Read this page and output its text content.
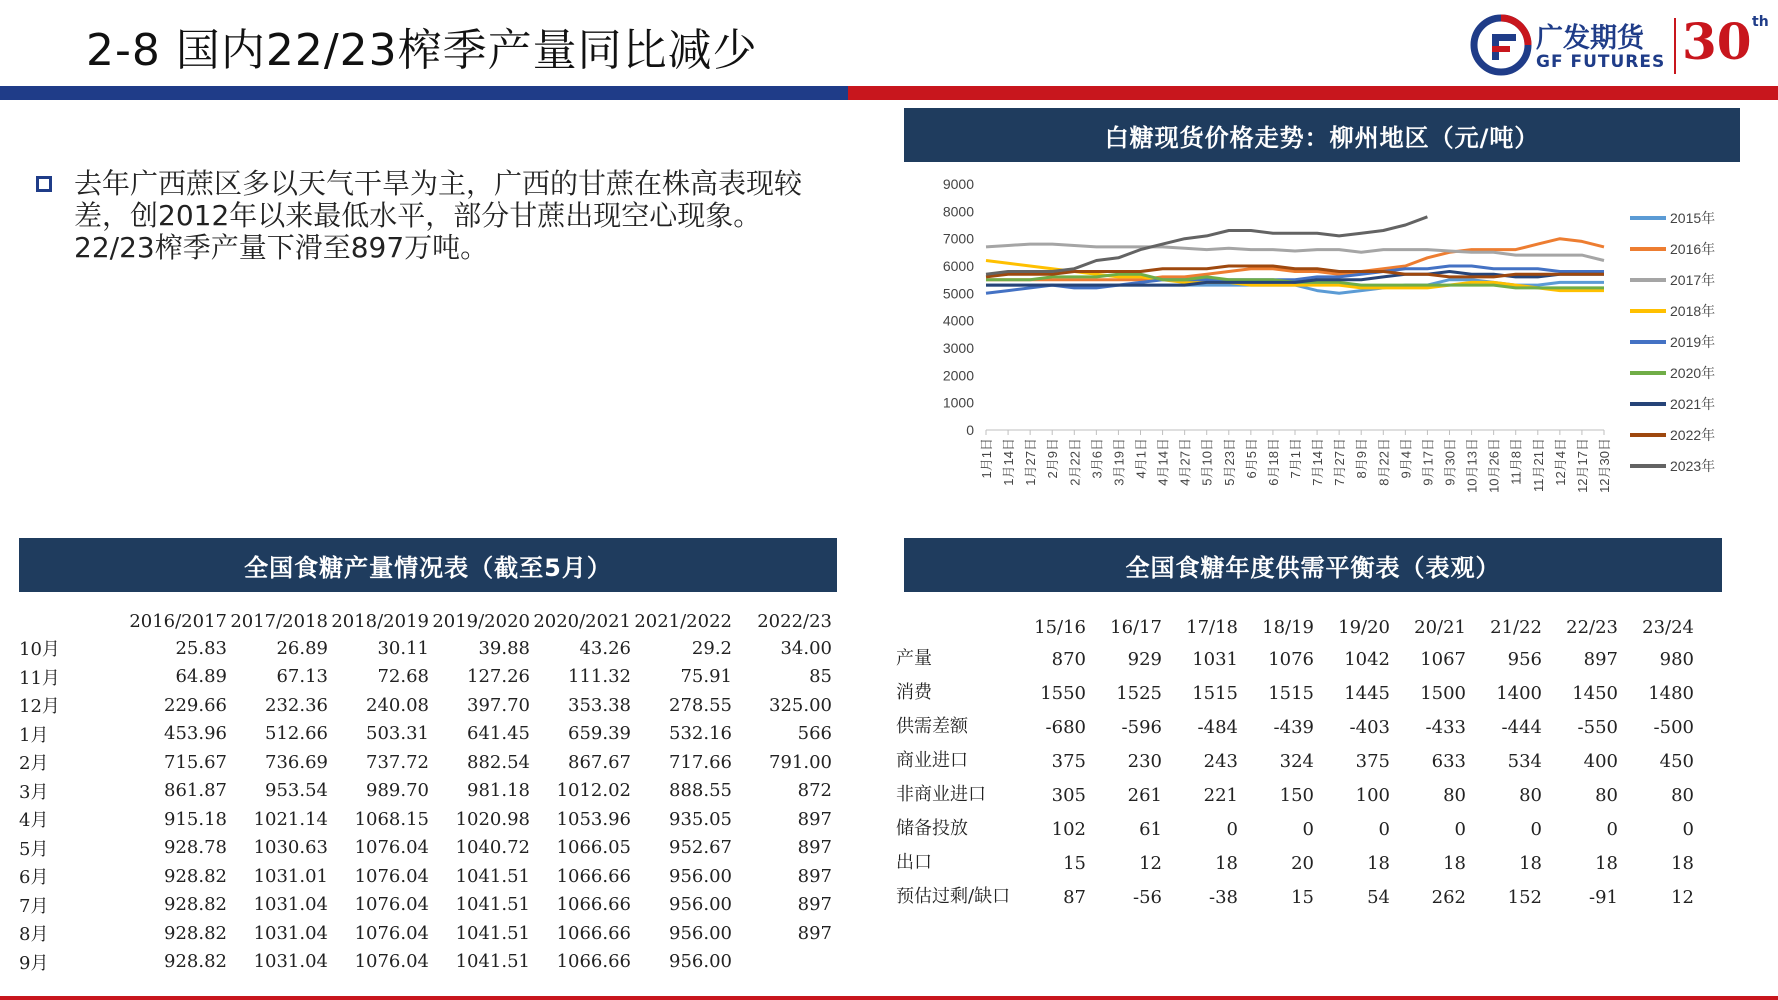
2-8 国内22/23榨季产量同比减少	广发期货
GF FUTURES 30 th
去年广西蔗区多以天气干旱为主，广西的甘蔗在株高表现较差，创2012年以来最低水平，部分甘蔗出现空心现象。22/23榨季产量下滑至897万吨。
白糖现货价格走势：柳州地区（元/吨）
0
1000
2000
3000
4000
5000
6000
7000
8000
9000
1月1日 1月14日 1月27日 2月9日 2月22日 3月6日 3月19日 4月1日 4月14日 4月27日 5月10日 5月23日 6月5日 6月18日 7月1日 7月14日 7月27日 8月9日 8月22日 9月4日 9月17日 9月30日 10月13日 10月26日 11月8日 11月21日 12月4日 12月17日 12月30日
2015年
2016年
2017年
2018年
2019年
2020年
2021年
2022年
2023年
全国食糖产量情况表（截至5月）
	2016/2017	2017/2018	2018/2019	2019/2020	2020/2021	2021/2022	2022/23
10月	25.83	26.89	30.11	39.88	43.26	29.2	34.00
11月	64.89	67.13	72.68	127.26	111.32	75.91	85
12月	229.66	232.36	240.08	397.70	353.38	278.55	325.00
1月	453.96	512.66	503.31	641.45	659.39	532.16	566
2月	715.67	736.69	737.72	882.54	867.67	717.66	791.00
3月	861.87	953.54	989.70	981.18	1012.02	888.55	872
4月	915.18	1021.14	1068.15	1020.98	1053.96	935.05	897
5月	928.78	1030.63	1076.04	1040.72	1066.05	952.67	897
6月	928.82	1031.01	1076.04	1041.51	1066.66	956.00	897
7月	928.82	1031.04	1076.04	1041.51	1066.66	956.00	897
8月	928.82	1031.04	1076.04	1041.51	1066.66	956.00	897
9月	928.82	1031.04	1076.04	1041.51	1066.66	956.00	
全国食糖年度供需平衡表（表观）
	15/16	16/17	17/18	18/19	19/20	20/21	21/22	22/23	23/24
产量	870	929	1031	1076	1042	1067	956	897	980
消费	1550	1525	1515	1515	1445	1500	1400	1450	1480
供需差额	-680	-596	-484	-439	-403	-433	-444	-550	-500
商业进口	375	230	243	324	375	633	534	400	450
非商业进口	305	261	221	150	100	80	80	80	80
储备投放	102	61	0	0	0	0	0	0	0
出口	15	12	18	20	18	18	18	18	18
预估过剩/缺口	87	-56	-38	15	54	262	152	-91	12
